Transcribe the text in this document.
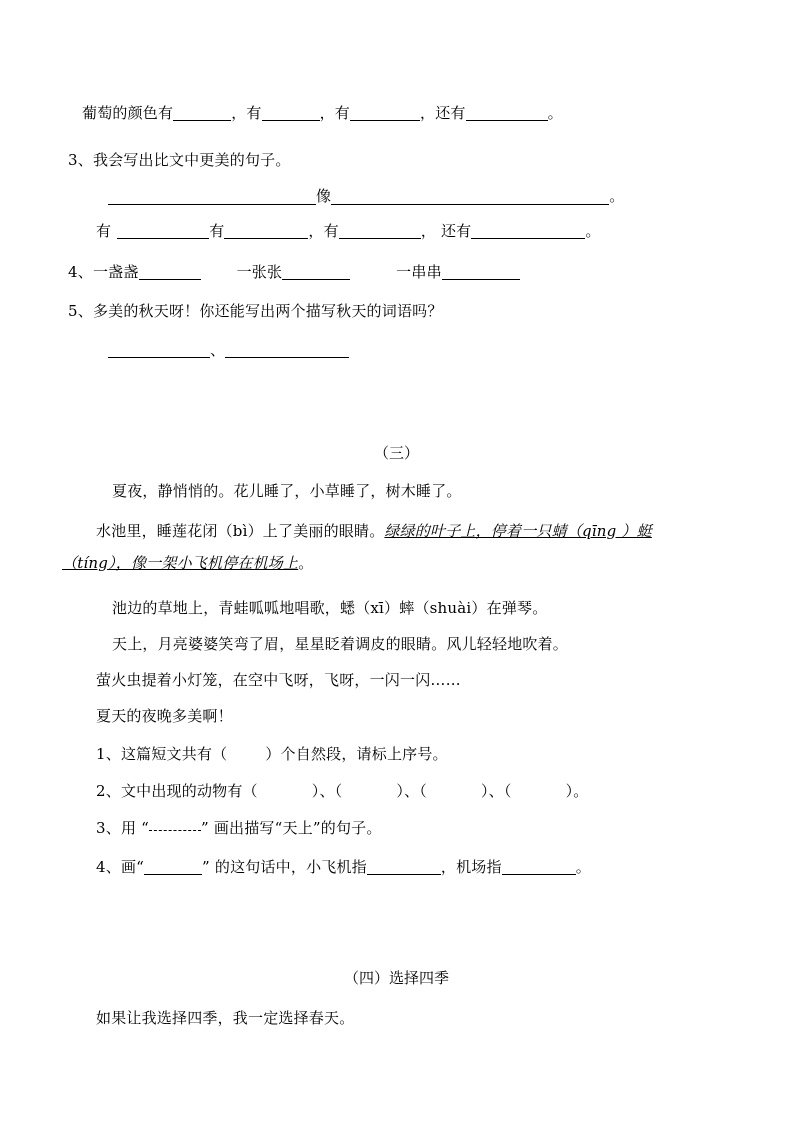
葡萄的颜色有	，有	，有	，还有	。
3、我会写出比文中更美的句子。
像	。
有	有	，有	， 还有	。
4、一盏盏	一张张	一串串
5、多美的秋天呀！你还能写出两个描写秋天的词语吗？
、
（三）
夏夜，静悄悄的。花儿睡了，小草睡了，树木睡了。
水池里，睡莲花闭（bì）上了美丽的眼睛。绿绿的叶子上，停着一只蜻（qīng ）蜓
（tíng），像一架小飞机停在机场上。
池边的草地上，青蛙呱呱地唱歌，蟋（xī）蟀（shuài）在弹琴。
天上，月亮婆婆笑弯了眉，星星眨着调皮的眼睛。风儿轻轻地吹着。
萤火虫提着小灯笼，在空中飞呀，飞呀，一闪一闪……
夏天的夜晚多美啊！
1、这篇短文共有（	）个自然段，请标上序号。
2、文中出现的动物有（	）、（	）、（	）、（	）。
3、用 “	” 画出描写“天上”的句子。
4、画“	” 的这句话中，小飞机指	，机场指	。
（四）选择四季
如果让我选择四季，我一定选择春天。
